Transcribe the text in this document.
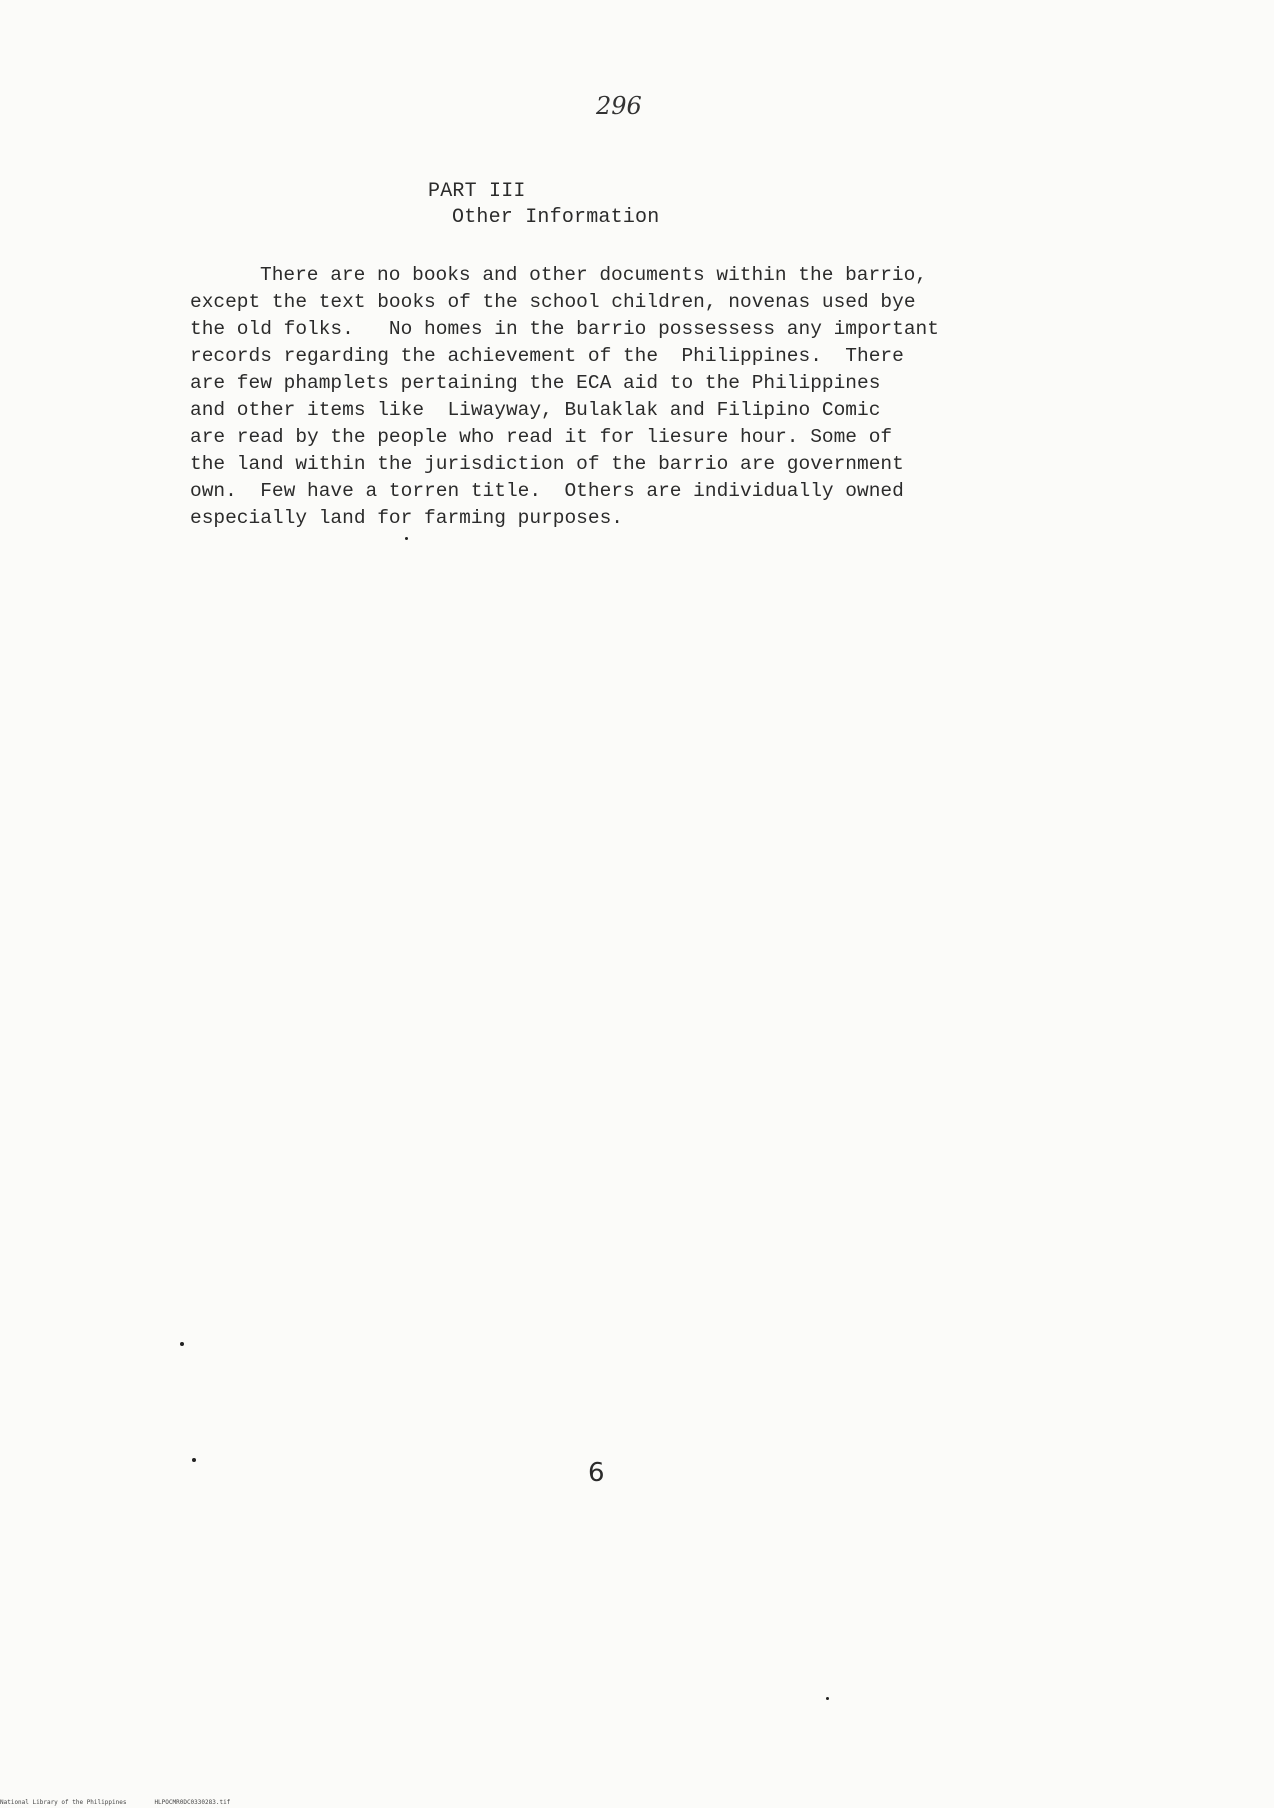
296
PART III
Other Information
There are no books and other documents within the barrio,
except the text books of the school children, novenas used bye
the old folks.   No homes in the barrio possessess any important
records regarding the achievement of the  Philippines.  There
are few phamplets pertaining the ECA aid to the Philippines
and other items like  Liwayway, Bulaklak and Filipino Comic
are read by the people who read it for liesure hour. Some of
the land within the jurisdiction of the barrio are government
own.  Few have a torren title.  Others are individually owned
especially land for farming purposes.
6
National Library of the Philippines	HLPOCMR0DC0330283.tif
